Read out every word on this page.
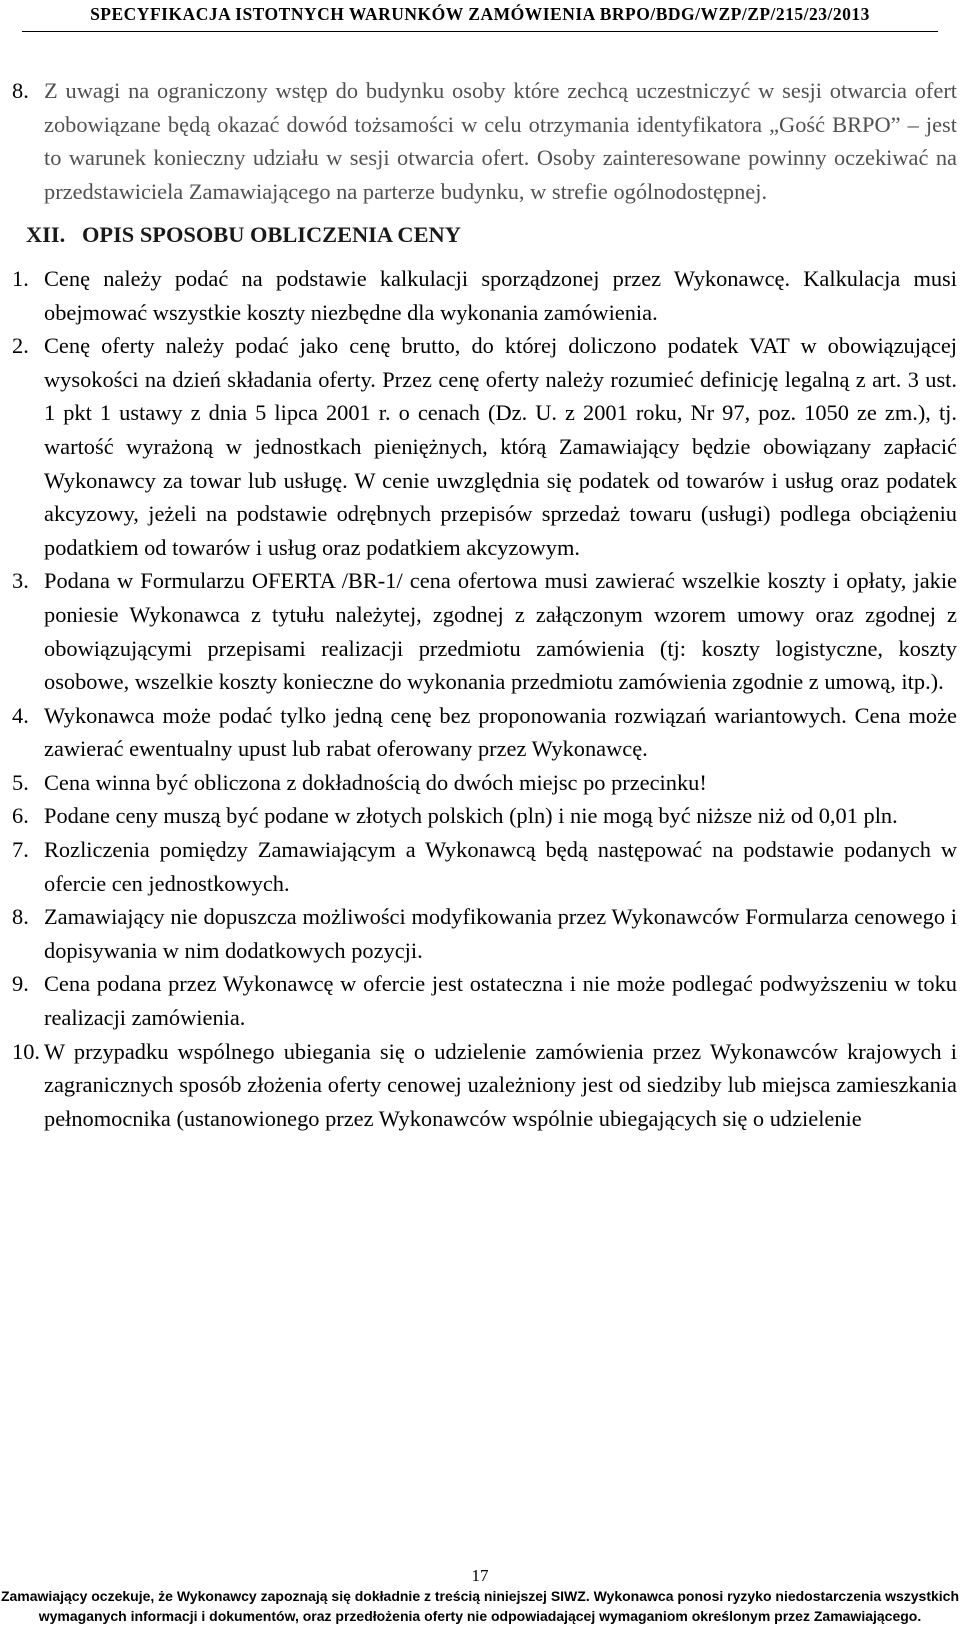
SPECYFIKACJA ISTOTNYCH WARUNKÓW ZAMÓWIENIA BRPO/BDG/WZP/ZP/215/23/2013
8. Z uwagi na ograniczony wstęp do budynku osoby które zechcą uczestniczyć w sesji otwarcia ofert zobowiązane będą okazać dowód tożsamości w celu otrzymania identyfikatora „Gość BRPO” – jest to warunek konieczny udziału w sesji otwarcia ofert. Osoby zainteresowane powinny oczekiwać na przedstawiciela Zamawiającego na parterze budynku, w strefie ogólnodostępnej.
XII. OPIS SPOSOBU OBLICZENIA CENY
1. Cenę należy podać na podstawie kalkulacji sporządzonej przez Wykonawcę. Kalkulacja musi obejmować wszystkie koszty niezbędne dla wykonania zamówienia.
2. Cenę oferty należy podać jako cenę brutto, do której doliczono podatek VAT w obowiązującej wysokości na dzień składania oferty. Przez cenę oferty należy rozumieć definicję legalną z art. 3 ust. 1 pkt 1 ustawy z dnia 5 lipca 2001 r. o cenach (Dz. U. z 2001 roku, Nr 97, poz. 1050 ze zm.), tj. wartość wyrażoną w jednostkach pieniężnych, którą Zamawiający będzie obowiązany zapłacić Wykonawcy za towar lub usługę. W cenie uwzględnia się podatek od towarów i usług oraz podatek akcyzowy, jeżeli na podstawie odrębnych przepisów sprzedaż towaru (usługi) podlega obciążeniu podatkiem od towarów i usług oraz podatkiem akcyzowym.
3. Podana w Formularzu OFERTA /BR-1/ cena ofertowa musi zawierać wszelkie koszty i opłaty, jakie poniesie Wykonawca z tytułu należytej, zgodnej z załączonym wzorem umowy oraz zgodnej z obowiązującymi przepisami realizacji przedmiotu zamówienia (tj: koszty logistyczne, koszty osobowe, wszelkie koszty konieczne do wykonania przedmiotu zamówienia zgodnie z umową, itp.).
4. Wykonawca może podać tylko jedną cenę bez proponowania rozwiązań wariantowych. Cena może zawierać ewentualny upust lub rabat oferowany przez Wykonawcę.
5. Cena winna być obliczona z dokładnością do dwóch miejsc po przecinku!
6. Podane ceny muszą być podane w złotych polskich (pln) i nie mogą być niższe niż od 0,01 pln.
7. Rozliczenia pomiędzy Zamawiającym a Wykonawcą będą następować na podstawie podanych w ofercie cen jednostkowych.
8. Zamawiający nie dopuszcza możliwości modyfikowania przez Wykonawców Formularza cenowego i dopisywania w nim dodatkowych pozycji.
9. Cena podana przez Wykonawcę w ofercie jest ostateczna i nie może podlegać podwyższeniu w toku realizacji zamówienia.
10. W przypadku wspólnego ubiegania się o udzielenie zamówienia przez Wykonawców krajowych i zagranicznych sposób złożenia oferty cenowej uzależniony jest od siedziby lub miejsca zamieszkania pełnomocnika (ustanowionego przez Wykonawców wspólnie ubiegających się o udzielenie
17
Zamawiający oczekuje, że Wykonawcy zapoznają się dokładnie z treścią niniejszej SIWZ. Wykonawca ponosi ryzyko niedostarczenia wszystkich
wymaganych informacji i dokumentów, oraz przedłożenia oferty nie odpowiadającej wymaganiom określonym przez Zamawiającego.
